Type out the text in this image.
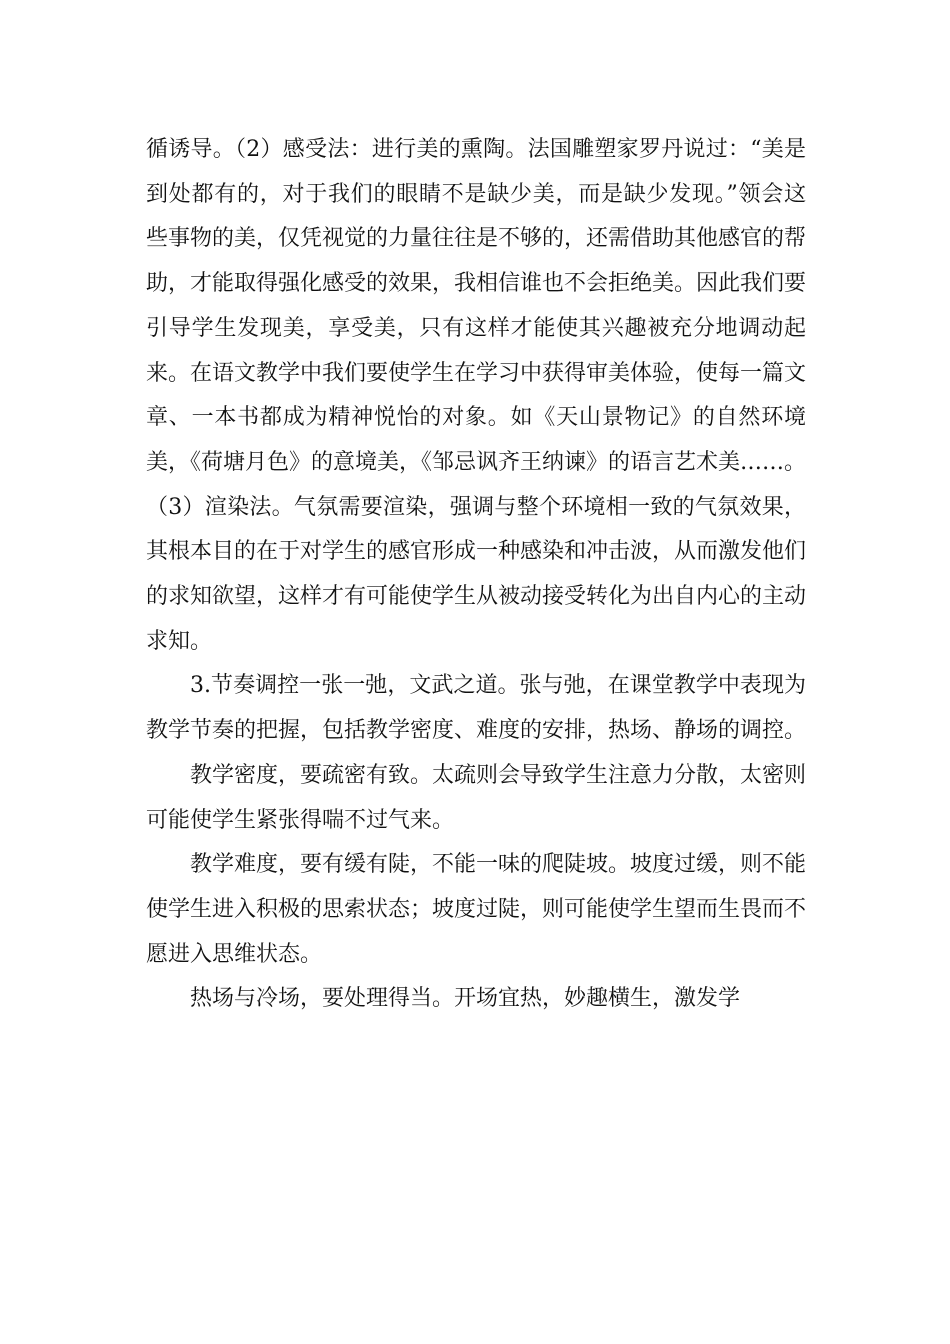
循诱导。（2）感受法：进行美的熏陶。法国雕塑家罗丹说过：“美是到处都有的，对于我们的眼睛不是缺少美，而是缺少发现。”领会这些事物的美，仅凭视觉的力量往往是不够的，还需借助其他感官的帮助，才能取得强化感受的效果，我相信谁也不会拒绝美。因此我们要引导学生发现美，享受美，只有这样才能使其兴趣被充分地调动起来。在语文教学中我们要使学生在学习中获得审美体验，使每一篇文章、一本书都成为精神悦怡的对象。如《天山景物记》的自然环境美，《荷塘月色》的意境美，《邹忌讽齐王纳谏》的语言艺术美……。（3）渲染法。气氛需要渲染，强调与整个环境相一致的气氛效果，其根本目的在于对学生的感官形成一种感染和冲击波，从而激发他们的求知欲望，这样才有可能使学生从被动接受转化为出自内心的主动求知。

3.节奏调控一张一弛，文武之道。张与弛，在课堂教学中表现为教学节奏的把握，包括教学密度、难度的安排，热场、静场的调控。

教学密度，要疏密有致。太疏则会导致学生注意力分散，太密则可能使学生紧张得喘不过气来。

教学难度，要有缓有陡，不能一味的爬陡坡。坡度过缓，则不能使学生进入积极的思索状态；坡度过陡，则可能使学生望而生畏而不愿进入思维状态。

热场与冷场，要处理得当。开场宜热，妙趣横生，激发学
